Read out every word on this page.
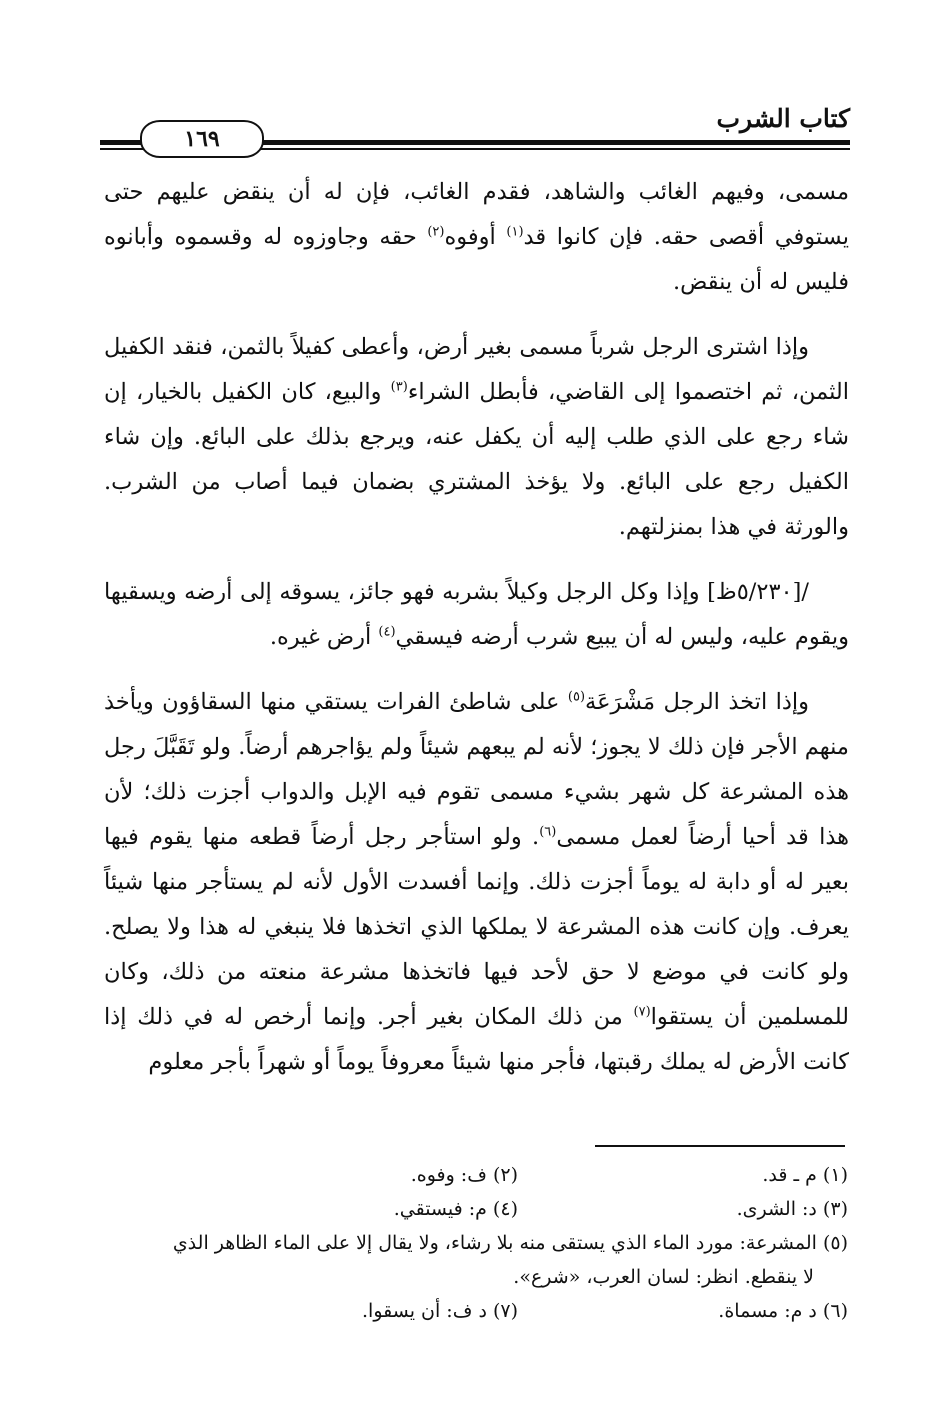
كتاب الشرب
١٦٩

مسمى، وفيهم الغائب والشاهد، فقدم الغائب، فإن له أن ينقض عليهم حتى يستوفي أقصى حقه. فإن كانوا قد$^{(١)}$ أوفوه$^{(٢)}$ حقه وجاوزوه له وقسموه وأبانوه فليس له أن ينقض.

وإذا اشترى الرجل شرباً مسمى بغير أرض، وأعطى كفيلاً بالثمن، فنقد الكفيل الثمن، ثم اختصموا إلى القاضي، فأبطل الشراء$^{(٣)}$ والبيع، كان الكفيل بالخيار، إن شاء رجع على الذي طلب إليه أن يكفل عنه، ويرجع بذلك على البائع. وإن شاء الكفيل رجع على البائع. ولا يؤخذ المشتري بضمان فيما أصاب من الشرب. والورثة في هذا بمنزلتهم.

/[٥/٢٣٠ظ] وإذا وكل الرجل وكيلاً بشربه فهو جائز، يسوقه إلى أرضه ويسقيها ويقوم عليه، وليس له أن يبيع شرب أرضه فيسقي$^{(٤)}$ أرض غيره.

وإذا اتخذ الرجل مَشْرَعَة$^{(٥)}$ على شاطئ الفرات يستقي منها السقاؤون ويأخذ منهم الأجر فإن ذلك لا يجوز؛ لأنه لم يبعهم شيئاً ولم يؤاجرهم أرضاً. ولو تَقَبَّلَ رجل هذه المشرعة كل شهر بشيء مسمى تقوم فيه الإبل والدواب أجزت ذلك؛ لأن هذا قد أحيا أرضاً لعمل مسمى$^{(٦)}$. ولو استأجر رجل أرضاً قطعه منها يقوم فيها بعير له أو دابة له يوماً أجزت ذلك. وإنما أفسدت الأول لأنه لم يستأجر منها شيئاً يعرف. وإن كانت هذه المشرعة لا يملكها الذي اتخذها فلا ينبغي له هذا ولا يصلح. ولو كانت في موضع لا حق لأحد فيها فاتخذها مشرعة منعته من ذلك، وكان للمسلمين أن يستقوا$^{(٧)}$ من ذلك المكان بغير أجر. وإنما أرخص له في ذلك إذا كانت الأرض له يملك رقبتها، فأجر منها شيئاً معروفاً يوماً أو شهراً بأجر معلوم

(١) م ـ قد.
(٢) ف: وفوه.
(٣) د: الشرى.
(٤) م: فيستقي.
(٥) المشرعة: مورد الماء الذي يستقى منه بلا رشاء، ولا يقال إلا على الماء الظاهر الذي
لا ينقطع. انظر: لسان العرب، «شرع».
(٦) د م: مسماة.
(٧) د ف: أن يسقوا.
